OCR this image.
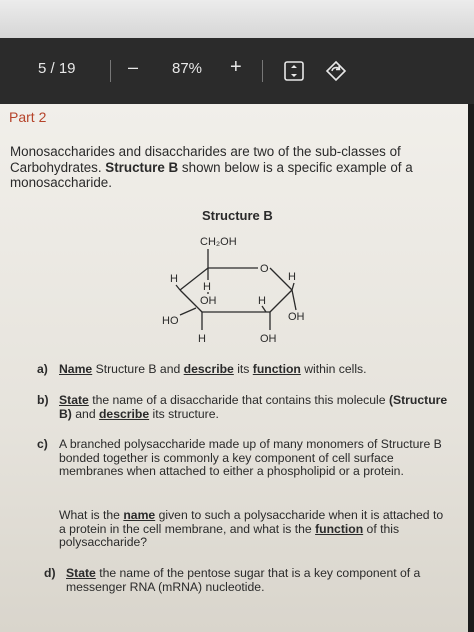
5 / 19	– 87% +
Part 2
Monosaccharides and disaccharides are two of the sub-classes of Carbohydrates. Structure B shown below is a specific example of a monosaccharide.
Structure B
CH₂OH
O
H
H
OH	H
H
HO	OH
H	OH
a) Name Structure B and describe its function within cells.
b) State the name of a disaccharide that contains this molecule (Structure B) and describe its structure.
c) A branched polysaccharide made up of many monomers of Structure B bonded together is commonly a key component of cell surface membranes when attached to either a phospholipid or a protein.
What is the name given to such a polysaccharide when it is attached to a protein in the cell membrane, and what is the function of this polysaccharide?
d) State the name of the pentose sugar that is a key component of a messenger RNA (mRNA) nucleotide.
